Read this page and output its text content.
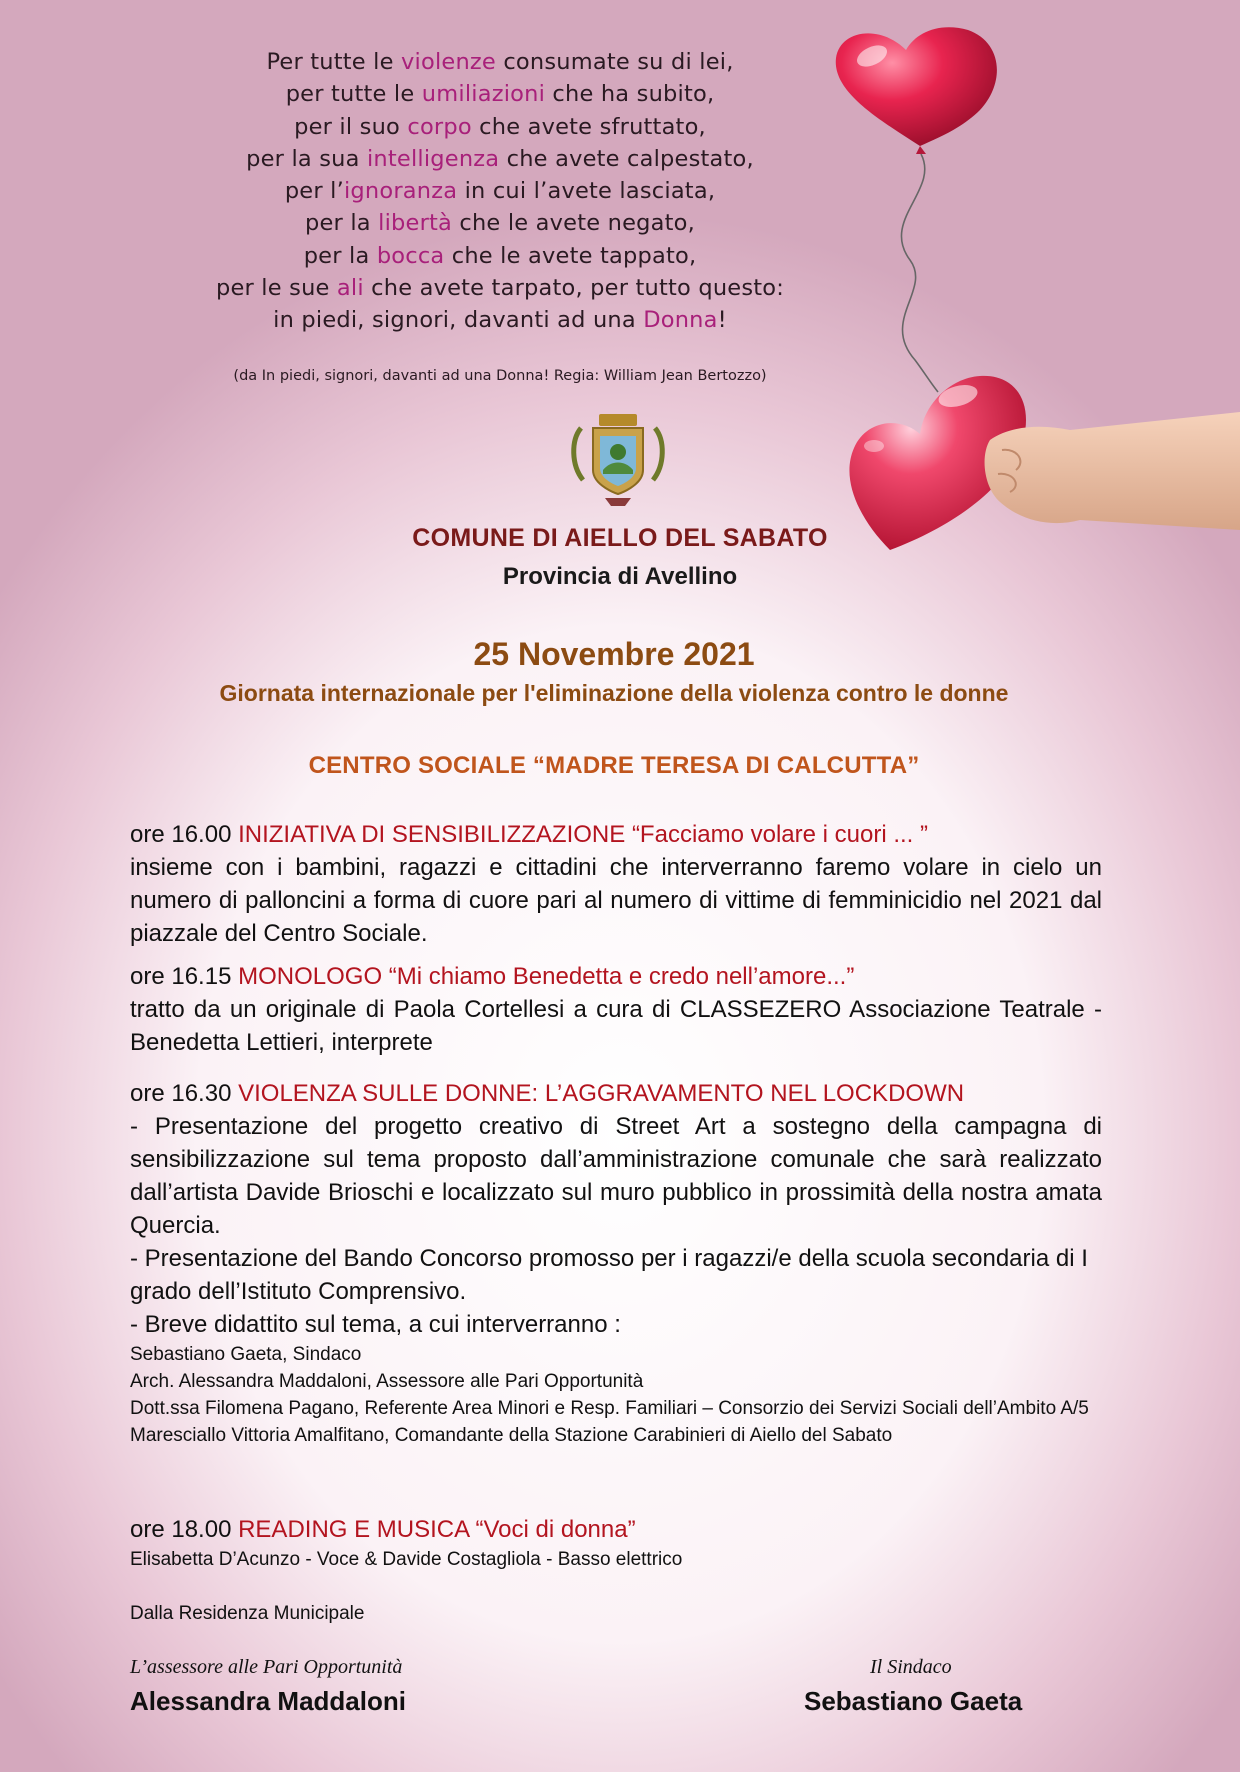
Per tutte le violenze consumate su di lei,
per tutte le umiliazioni che ha subito,
per il suo corpo che avete sfruttato,
per la sua intelligenza che avete calpestato,
per l’ignoranza in cui l’avete lasciata,
per la libertà che le avete negato,
per la bocca che le avete tappato,
per le sue ali che avete tarpato, per tutto questo:
in piedi, signori, davanti ad una Donna!
(da In piedi, signori, davanti ad una Donna! Regia: William Jean Bertozzo)
COMUNE DI AIELLO DEL SABATO
Provincia di Avellino
25 Novembre 2021
Giornata internazionale per l'eliminazione della violenza contro le donne
CENTRO SOCIALE “MADRE TERESA DI CALCUTTA”
ore 16.00 INIZIATIVA DI SENSIBILIZZAZIONE “Facciamo volare i cuori ... ”
insieme con i bambini, ragazzi e cittadini che interverranno faremo volare in cielo un numero di palloncini a forma di cuore pari al numero di vittime di femminicidio nel 2021 dal piazzale del Centro Sociale.
ore 16.15 MONOLOGO “Mi chiamo Benedetta e credo nell’amore...”
tratto da un originale di Paola Cortellesi a cura di CLASSEZERO Associazione Teatrale - Benedetta Lettieri, interprete
ore 16.30 VIOLENZA SULLE DONNE: L’AGGRAVAMENTO NEL LOCKDOWN
- Presentazione del progetto creativo di Street Art a sostegno della campagna di sensibilizzazione sul tema proposto dall’amministrazione comunale che sarà realizzato dall’artista Davide Brioschi e localizzato sul muro pubblico in prossimità della nostra amata Quercia.
- Presentazione del Bando Concorso promosso per i ragazzi/e della scuola secondaria di I grado dell’Istituto Comprensivo.
- Breve didattito sul tema, a cui interverranno :
Sebastiano Gaeta, Sindaco
Arch. Alessandra Maddaloni, Assessore alle Pari Opportunità
Dott.ssa Filomena Pagano, Referente Area Minori e Resp. Familiari – Consorzio dei Servizi Sociali dell’Ambito A/5
Maresciallo Vittoria Amalfitano, Comandante della Stazione Carabinieri di Aiello del Sabato
ore 18.00 READING E MUSICA “Voci di donna”
Elisabetta D’Acunzo - Voce & Davide Costagliola - Basso elettrico
Dalla Residenza Municipale
L’assessore alle Pari Opportunità
Alessandra Maddaloni
Il Sindaco
Sebastiano Gaeta
